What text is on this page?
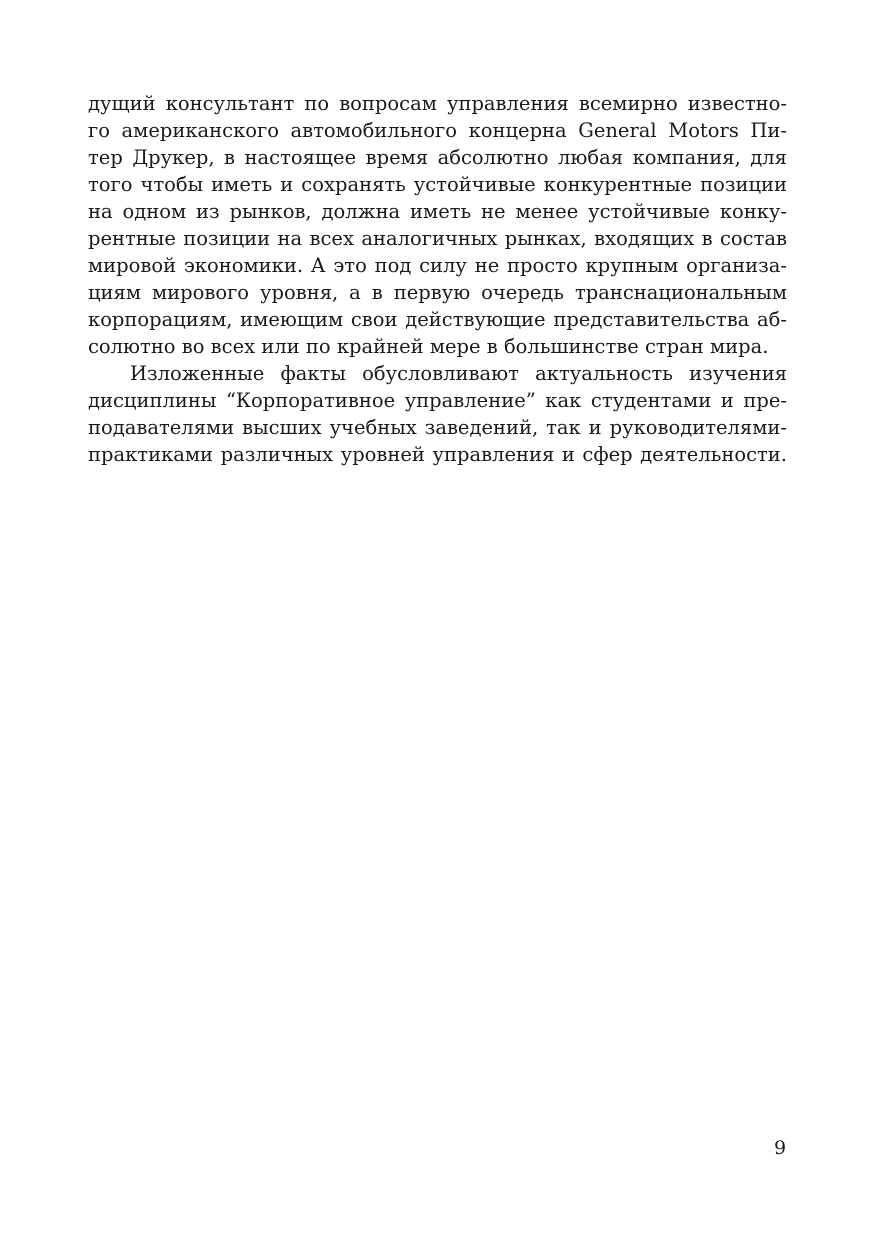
дущий консультант по вопросам управления всемирно известно-
го американского автомобильного концерна General Motors Пи-
тер Друкер, в настоящее время абсолютно любая компания, для
того чтобы иметь и сохранять устойчивые конкурентные позиции
на одном из рынков, должна иметь не менее устойчивые конку-
рентные позиции на всех аналогичных рынках, входящих в состав
мировой экономики. А это под силу не просто крупным организа-
циям мирового уровня, а в первую очередь транснациональным
корпорациям, имеющим свои действующие представительства аб-
солютно во всех или по крайней мере в большинстве стран мира.
Изложенные факты обусловливают актуальность изучения
дисциплины “Корпоративное управление” как студентами и пре-
подавателями высших учебных заведений, так и руководителями-
практиками различных уровней управления и сфер деятельности.
9
